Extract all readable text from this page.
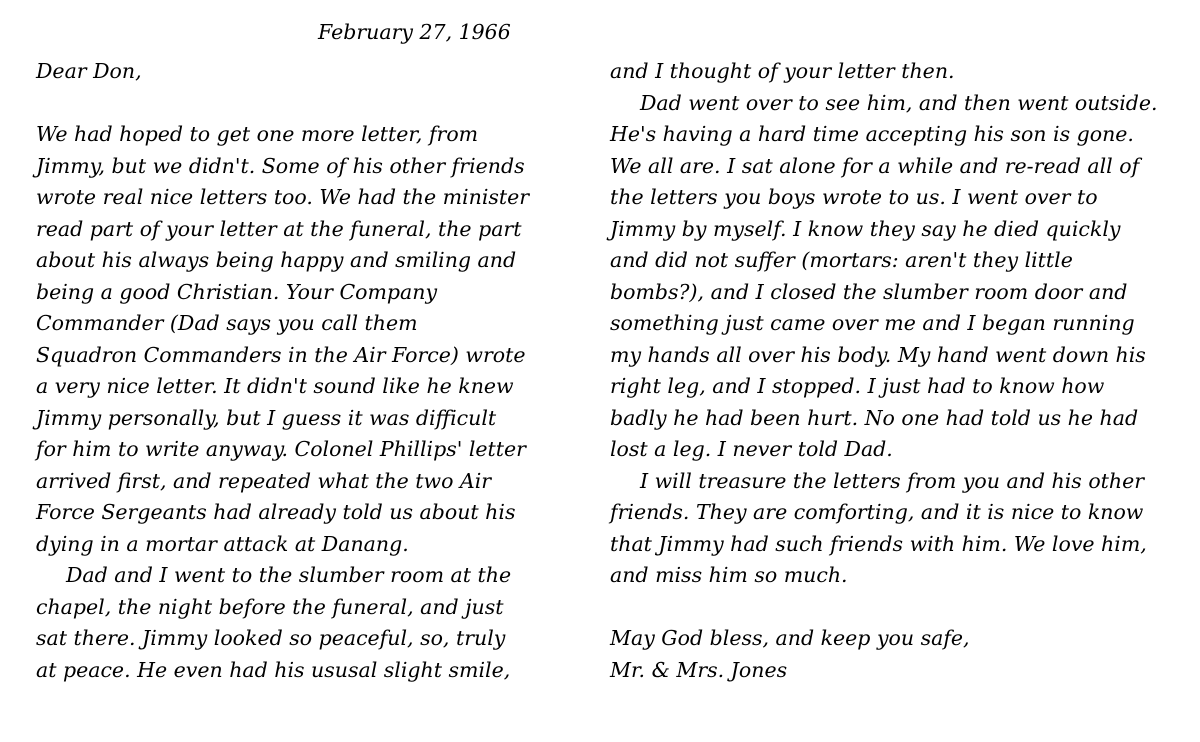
February 27, 1966
Dear Don,
We had hoped to get one more letter, from
Jimmy, but we didn't. Some of his other friends
wrote real nice letters too. We had the minister
read part of your letter at the funeral, the part
about his always being happy and smiling and
being a good Christian. Your Company
Commander (Dad says you call them
Squadron Commanders in the Air Force) wrote
a very nice letter. It didn't sound like he knew
Jimmy personally, but I guess it was difficult
for him to write anyway. Colonel Phillips' letter
arrived first, and repeated what the two Air
Force Sergeants had already told us about his
dying in a mortar attack at Danang.
Dad and I went to the slumber room at the
chapel, the night before the funeral, and just
sat there. Jimmy looked so peaceful, so, truly
at peace. He even had his ususal slight smile,
and I thought of your letter then.
Dad went over to see him, and then went outside.
He's having a hard time accepting his son is gone.
We all are. I sat alone for a while and re-read all of
the letters you boys wrote to us. I went over to
Jimmy by myself. I know they say he died quickly
and did not suffer (mortars: aren't they little
bombs?), and I closed the slumber room door and
something just came over me and I began running
my hands all over his body. My hand went down his
right leg, and I stopped. I just had to know how
badly he had been hurt. No one had told us he had
lost a leg. I never told Dad.
I will treasure the letters from you and his other
friends. They are comforting, and it is nice to know
that Jimmy had such friends with him. We love him,
and miss him so much.
May God bless, and keep you safe,
Mr. & Mrs. Jones
